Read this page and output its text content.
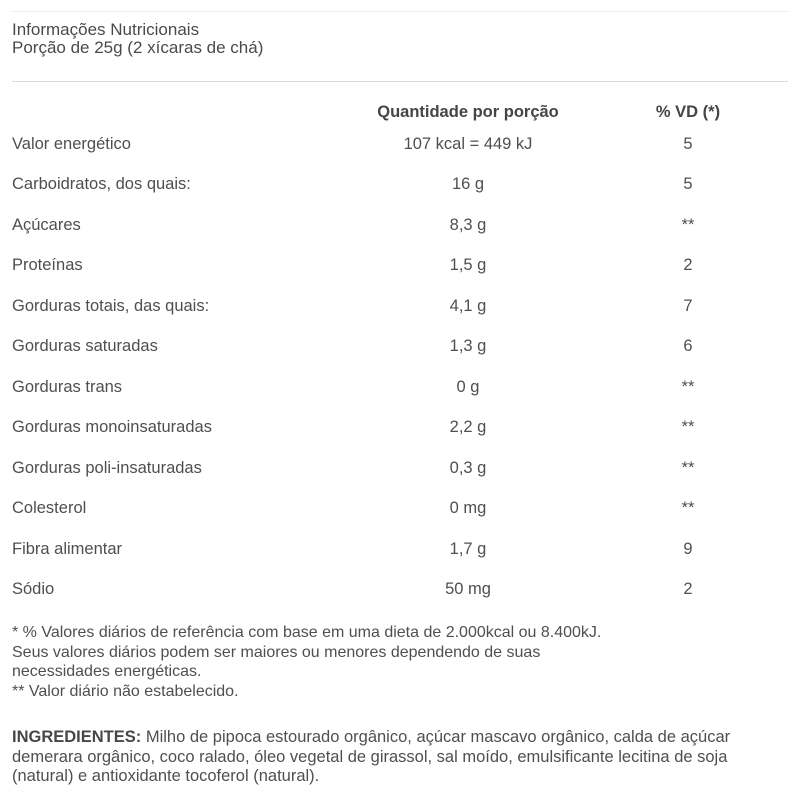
Informações Nutricionais
Porção de 25g (2 xícaras de chá)
Quantidade por porção	% VD (*)
Valor energético	107 kcal = 449 kJ	5
Carboidratos, dos quais:	16 g	5
Açúcares	8,3 g	**
Proteínas	1,5 g	2
Gorduras totais, das quais:	4,1 g	7
Gorduras saturadas	1,3 g	6
Gorduras trans	0 g	**
Gorduras monoinsaturadas	2,2 g	**
Gorduras poli-insaturadas	0,3 g	**
Colesterol	0 mg	**
Fibra alimentar	1,7 g	9
Sódio	50 mg	2

* % Valores diários de referência com base em uma dieta de 2.000kcal ou 8.400kJ. Seus valores diários podem ser maiores ou menores dependendo de suas necessidades energéticas.

** Valor diário não estabelecido.

INGREDIENTES: Milho de pipoca estourado orgânico, açúcar mascavo orgânico, calda de açúcar demerara orgânico, coco ralado, óleo vegetal de girassol, sal moído, emulsificante lecitina de soja (natural) e antioxidante tocoferol (natural).
